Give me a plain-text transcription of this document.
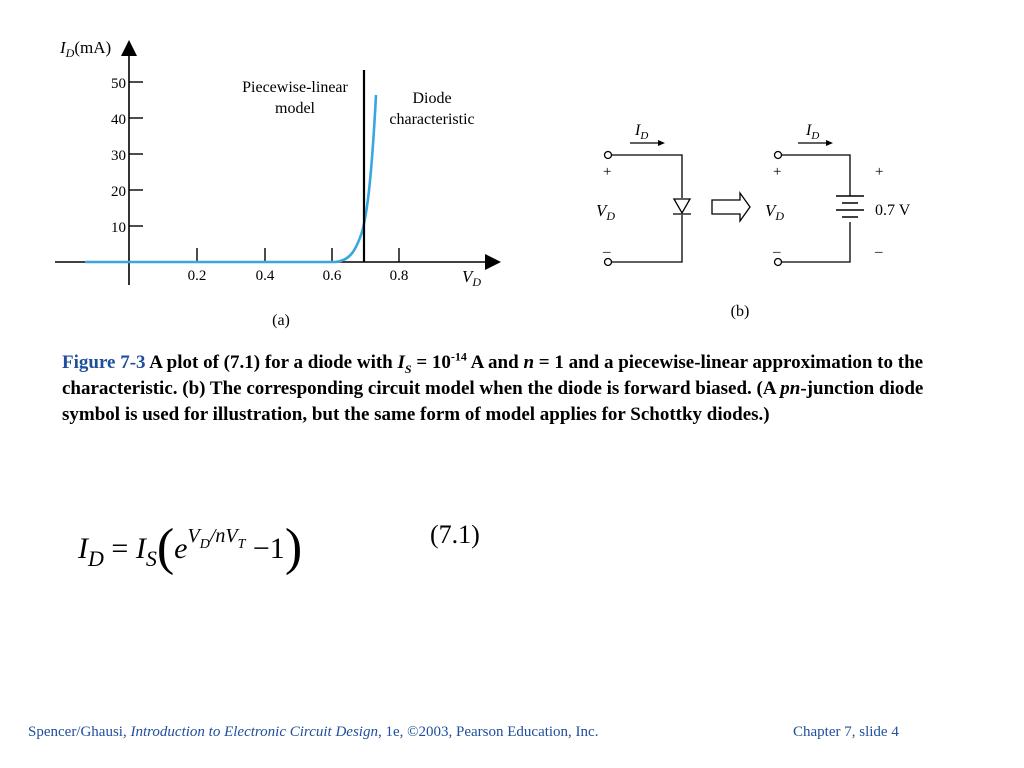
50
40
30
20
10
0.2	0.4	0.6	0.8
$I_D(mA)$
$V_D$
Piecewise-linear
model
Diode
characteristic
(a)
$I_D$
+
–
$V_D$
$I_D$
+
–
$V_D$
+
–
0.7 V
(b)
Figure 7-3 A plot of (7.1) for a diode with $I_S = 10^{-14}$ A and n = 1 and a piecewise-linear approximation to the characteristic. (b) The corresponding circuit model when the diode is forward biased. (A pn-junction diode symbol is used for illustration, but the same form of model applies for Schottky diodes.)
$I_D = I_S(e^{VD/nVT} -1)$	(7.1)
Spencer/Ghausi, Introduction to Electronic Circuit Design, 1e, ©2003, Pearson Education, Inc.	Chapter 7, slide 4
